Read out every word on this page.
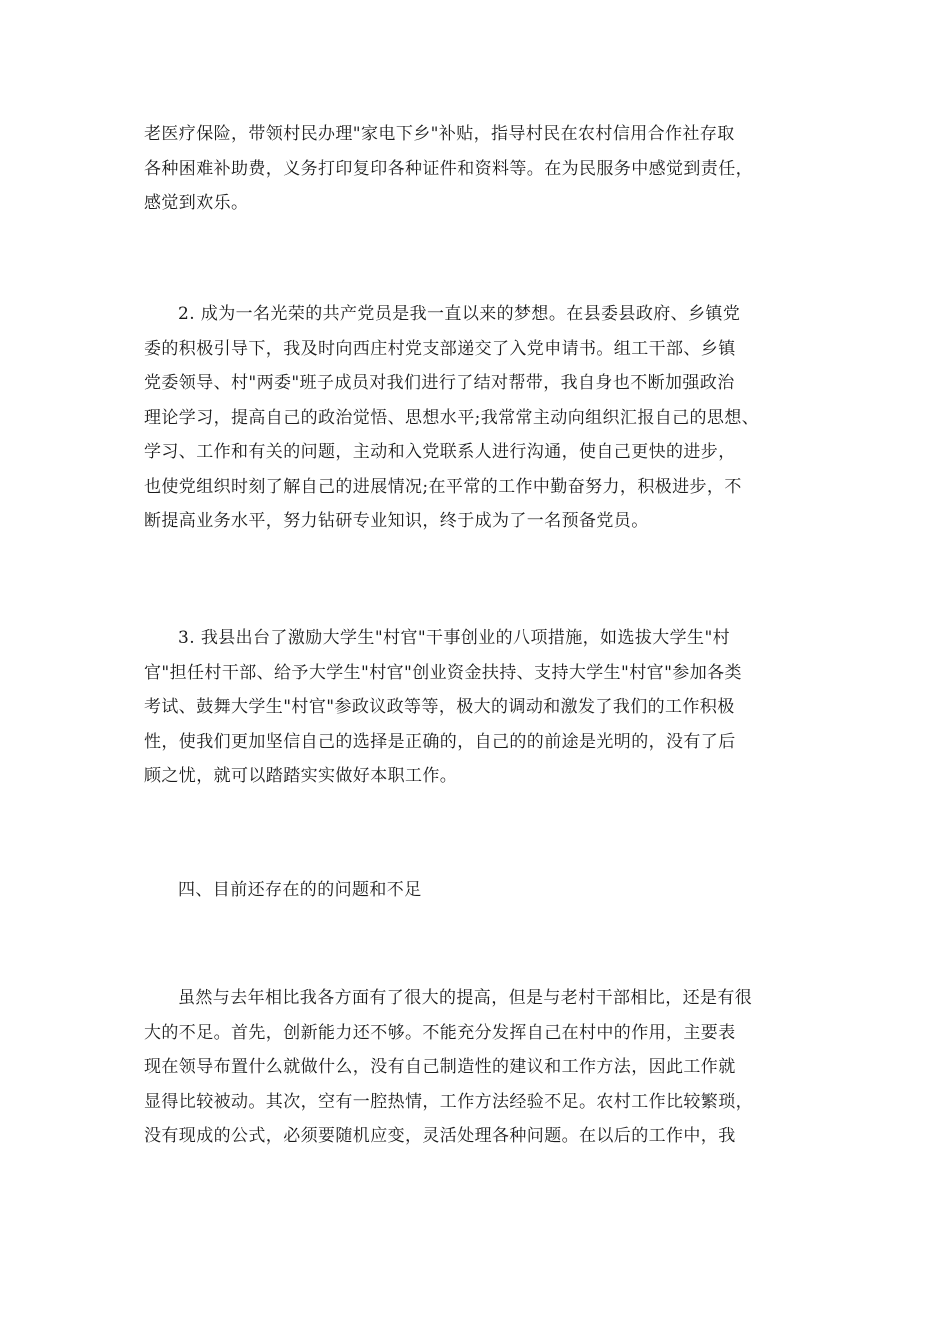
老医疗保险，带领村民办理"家电下乡"补贴，指导村民在农村信用合作社存取
各种困难补助费，义务打印复印各种证件和资料等。在为民服务中感觉到责任，
感觉到欢乐。
2. 成为一名光荣的共产党员是我一直以来的梦想。在县委县政府、乡镇党
委的积极引导下，我及时向西庄村党支部递交了入党申请书。组工干部、乡镇
党委领导、村"两委"班子成员对我们进行了结对帮带，我自身也不断加强政治
理论学习，提高自己的政治觉悟、思想水平;我常常主动向组织汇报自己的思想、
学习、工作和有关的问题，主动和入党联系人进行沟通，使自己更快的进步，
也使党组织时刻了解自己的进展情况;在平常的工作中勤奋努力，积极进步，不
断提高业务水平，努力钻研专业知识，终于成为了一名预备党员。
3. 我县出台了激励大学生"村官"干事创业的八项措施，如选拔大学生"村
官"担任村干部、给予大学生"村官"创业资金扶持、支持大学生"村官"参加各类
考试、鼓舞大学生"村官"参政议政等等，极大的调动和激发了我们的工作积极
性，使我们更加坚信自己的选择是正确的，自己的的前途是光明的，没有了后
顾之忧，就可以踏踏实实做好本职工作。
四、目前还存在的的问题和不足
虽然与去年相比我各方面有了很大的提高，但是与老村干部相比，还是有很
大的不足。首先，创新能力还不够。不能充分发挥自己在村中的作用，主要表
现在领导布置什么就做什么，没有自己制造性的建议和工作方法，因此工作就
显得比较被动。其次，空有一腔热情，工作方法经验不足。农村工作比较繁琐，
没有现成的公式，必须要随机应变，灵活处理各种问题。在以后的工作中，我
